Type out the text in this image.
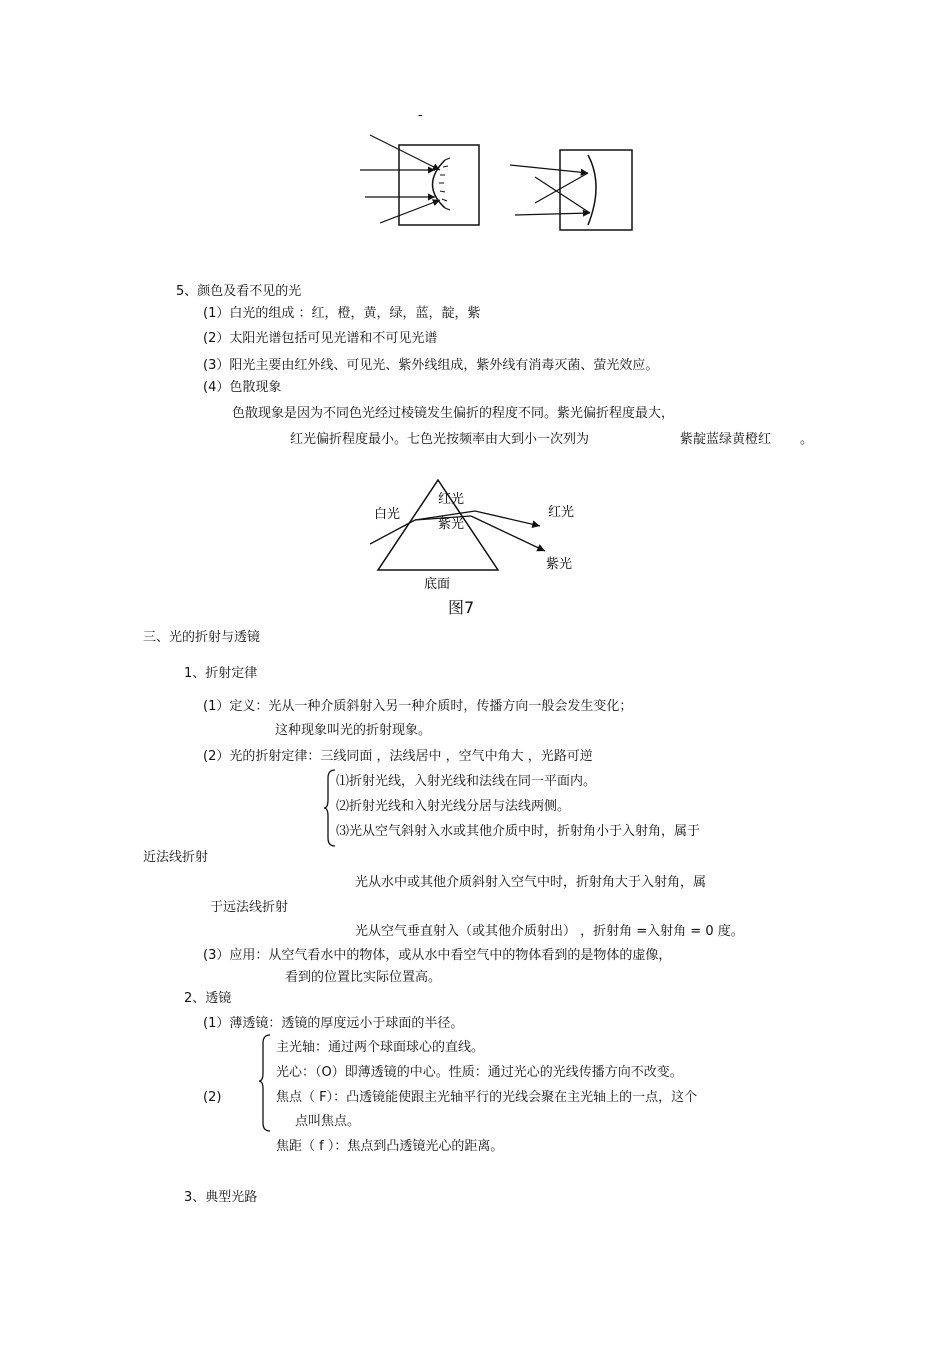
-
5、颜色及看不见的光
(1）白光的组成 ：红，橙，黄，绿，蓝，靛，紫
(2）太阳光谱包括可见光谱和不可见光谱
(3）阳光主要由红外线、可见光、紫外线组成，紫外线有消毒灭菌、萤光效应。
(4）色散现象
色散现象是因为不同色光经过棱镜发生偏折的程度不同。紫光偏折程度最大，
红光偏折程度最小。七色光按频率由大到小一次列为	紫靛蓝绿黄橙红 。
白光
红光
紫光
红光
紫光
底面
图7
三、光的折射与透镜
1、折射定律
(1）定义：光从一种介质斜射入另一种介质时，传播方向一般会发生变化；
这种现象叫光的折射现象。
(2）光的折射定律：三线同面 ，法线居中 ，空气中角大 ，光路可逆
⑴折射光线，入射光线和法线在同一平面内。
⑵折射光线和入射光线分居与法线两侧。
⑶光从空气斜射入水或其他介质中时，折射角小于入射角，属于
近法线折射
光从水中或其他介质斜射入空气中时，折射角大于入射角，属
于远法线折射
光从空气垂直射入（或其他介质射出） ，折射角 =入射角 = 0 度。
(3）应用：从空气看水中的物体，或从水中看空气中的物体看到的是物体的虚像，
看到的位置比实际位置高。
2、透镜
(1）薄透镜：透镜的厚度远小于球面的半径。
(2)
主光轴：通过两个球面球心的直线。
光心：（O）即薄透镜的中心。性质：通过光心的光线传播方向不改变。
焦点（ F）：凸透镜能使跟主光轴平行的光线会聚在主光轴上的一点，这个
点叫焦点。
焦距（ f ）：焦点到凸透镜光心的距离。
3、典型光路
